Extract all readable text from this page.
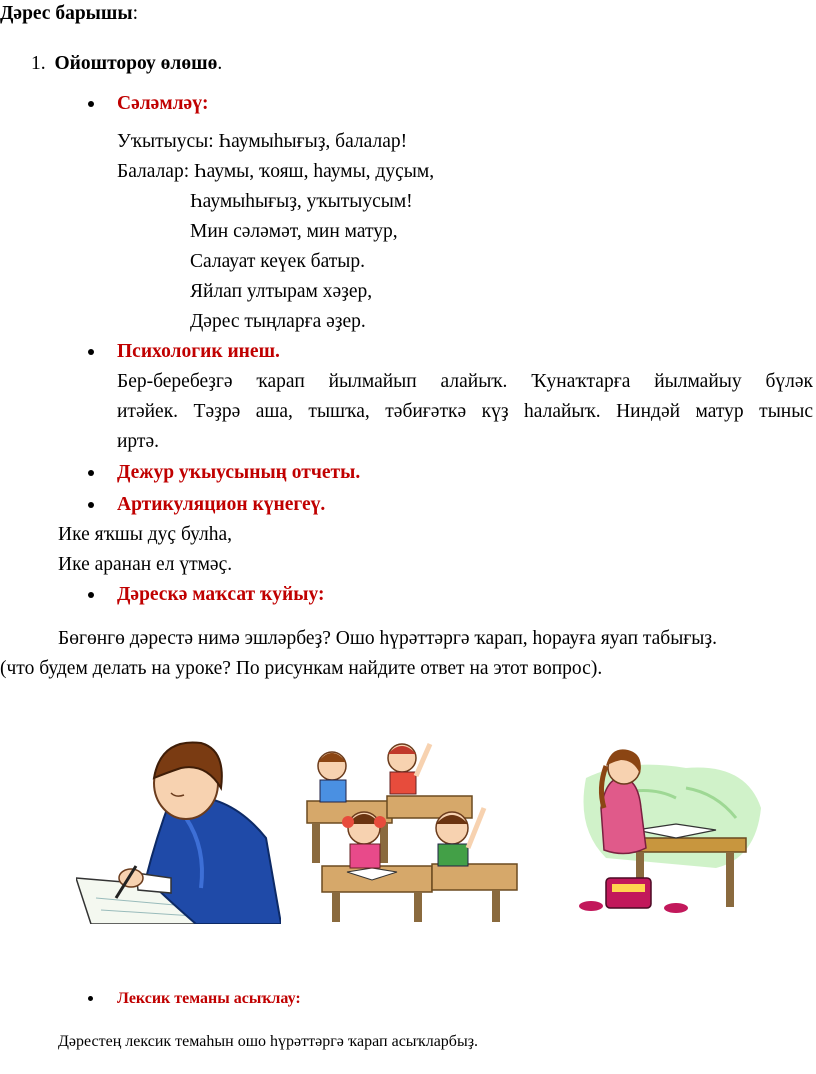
Дәрес барышы:
1. Ойоштороу өлөшө.
Сәләмләү:
Уҡытыусы: Һаумыһығыҙ, балалар!
Балалар: Һаумы, ҡояш, һаумы, дуҫым,
Һаумыһығыҙ, уҡытыусым!
Мин сәләмәт, мин матур,
Салауат кеүек батыр.
Яйлап ултырам хәҙер,
Дәрес тыңларға әҙер.
Психологик инеш.
Бер-беребеҙгә ҡарап йылмайып алайыҡ. Ҡунаҡтарға йылмайыу бүләк
итәйек. Тәҙрә аша, тышҡа, тәбиғәткә күҙ һалайыҡ. Ниндәй матур тыныс
иртә.
Дежур уҡыусының отчеты.
Артикуляцион күнегеү.
Ике яҡшы дуҫ булһа,
Ике аранан ел үтмәҫ.
Дәрескә маҡсат ҡуйыу:
Бөгөнгө дәрестә нимә эшләрбеҙ? Ошо һүрәттәргә ҡарап, һорауға яуап табығыҙ.
(что будем делать на уроке? По рисункам найдите ответ на этот вопрос).
Лексик теманы асыҡлау:
Дәрестең лексик темаһын ошо һүрәттәргә ҡарап асыҡларбыҙ.
